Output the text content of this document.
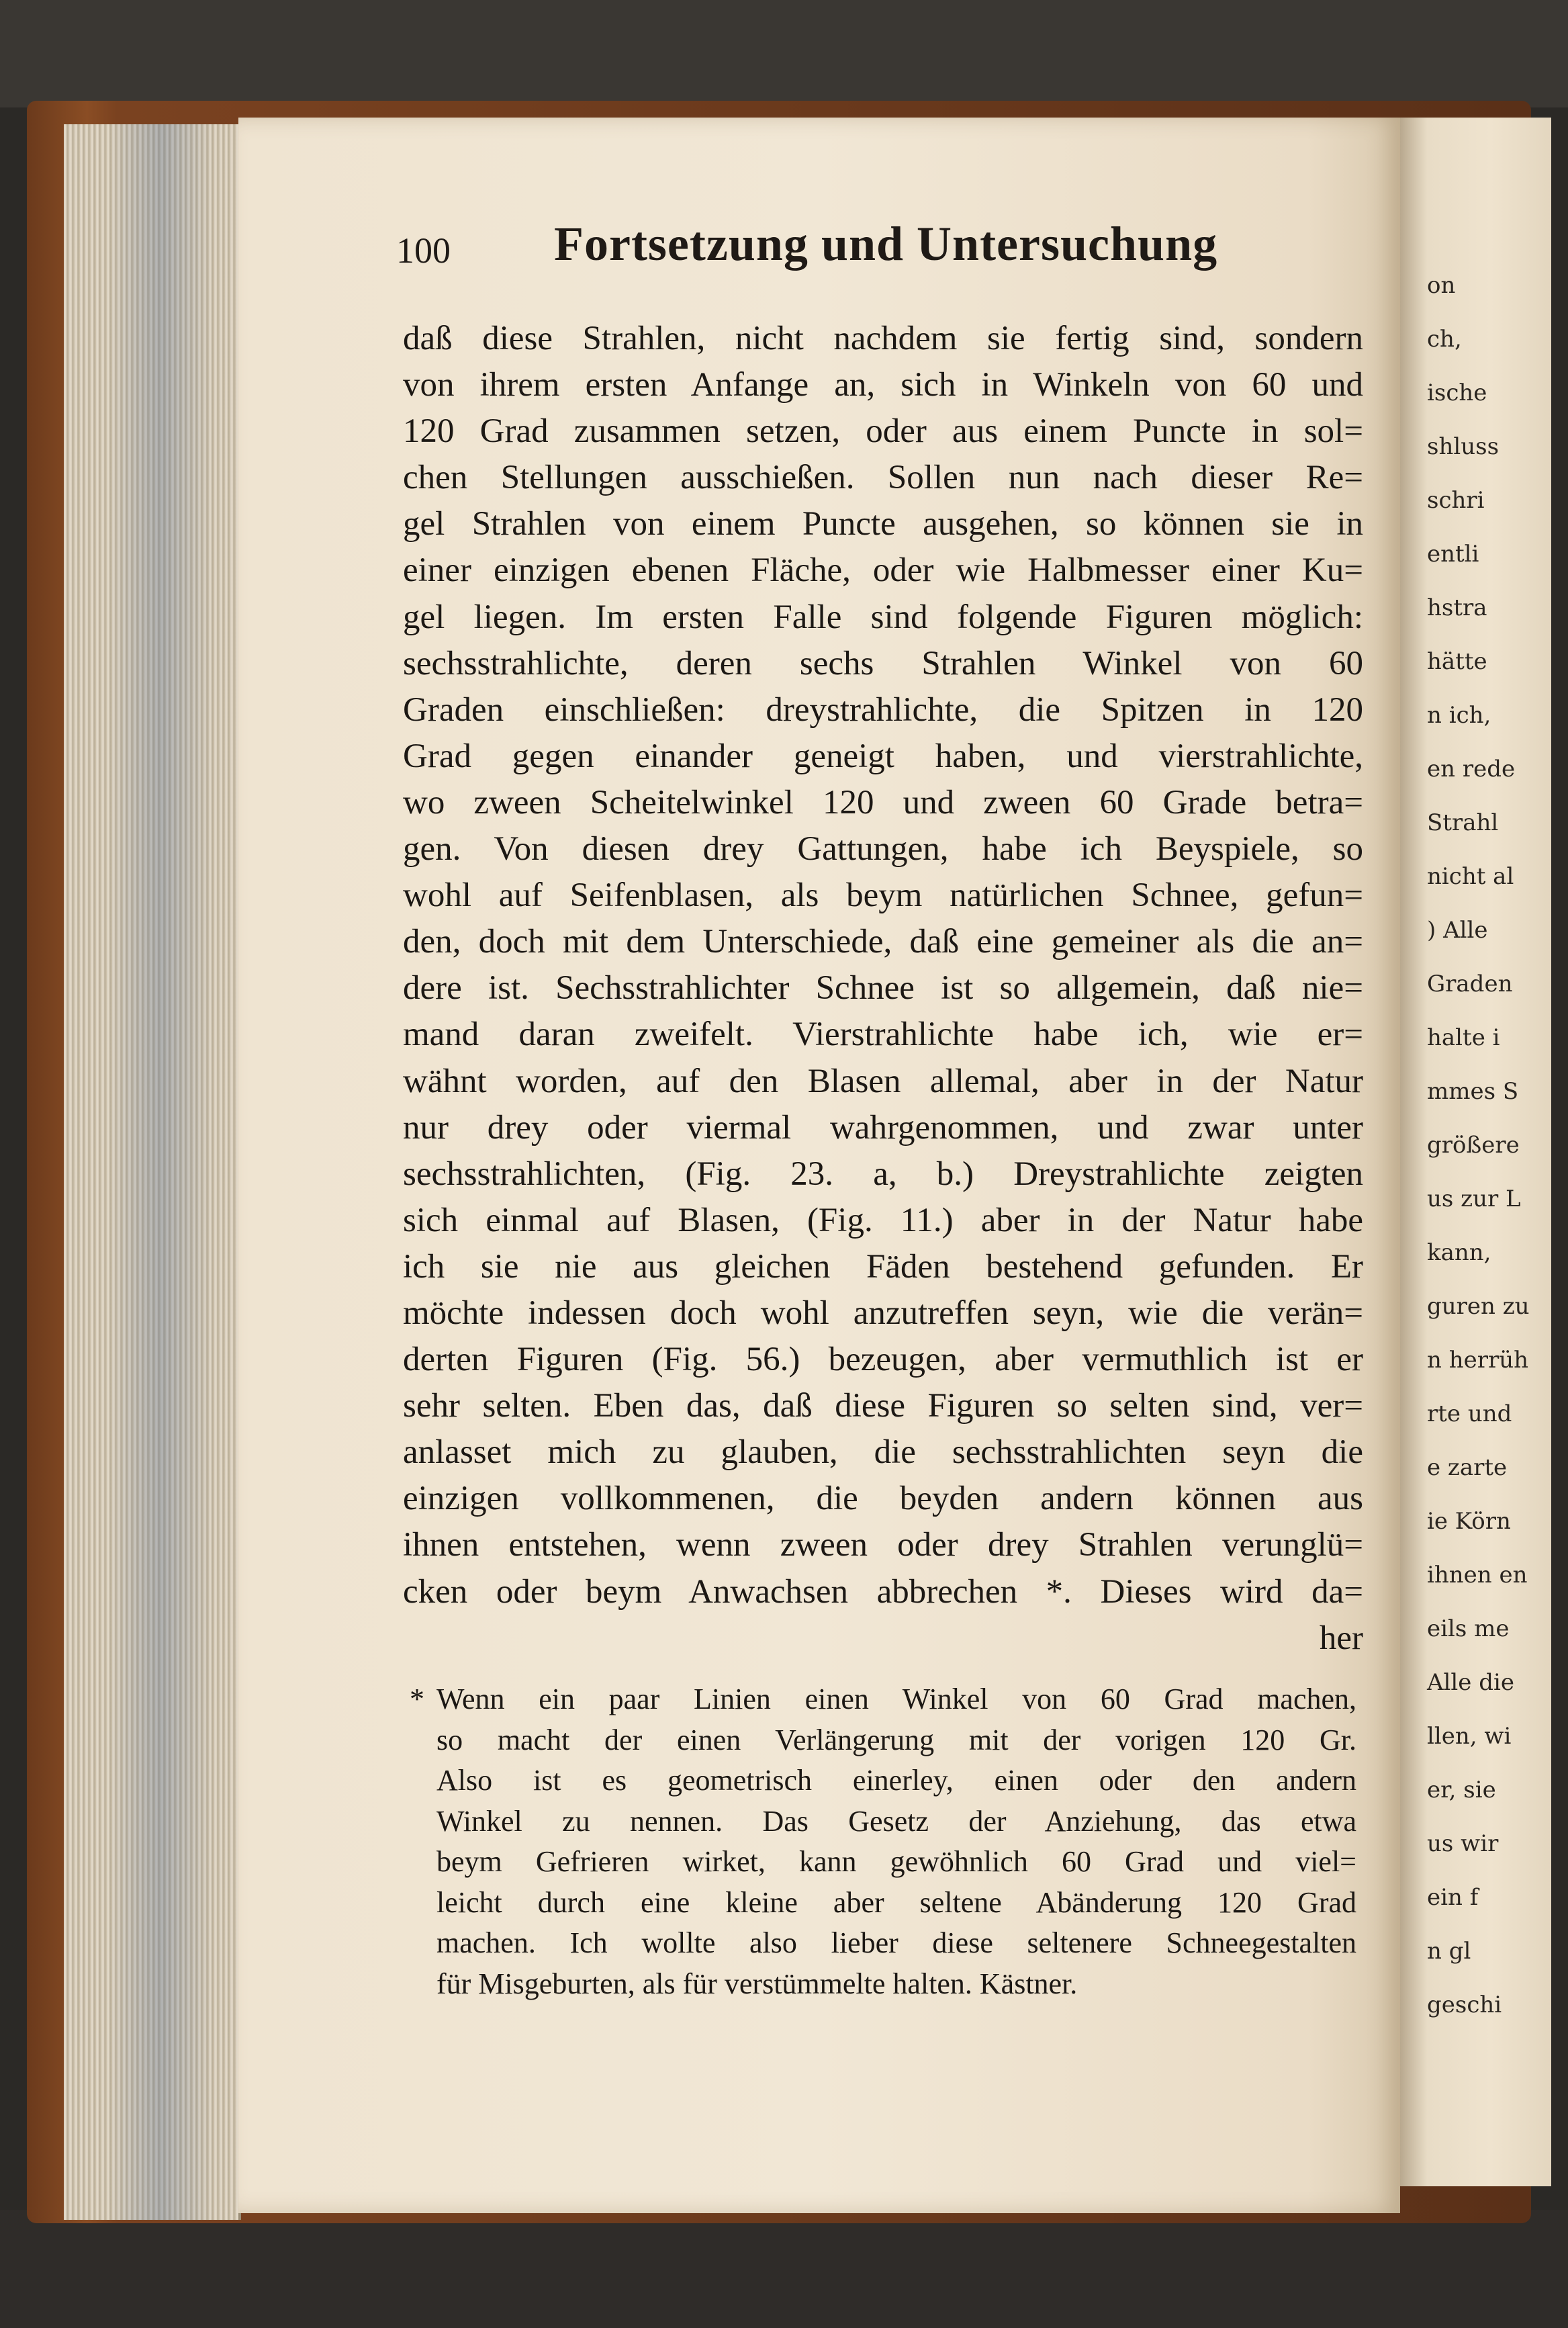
on
ch,
ische
shluss
schri
entli
hstra
hätte
n ich,
en rede
Strahl
nicht al
) Alle
Graden
halte i
mmes S
größere
us zur L
kann,
guren zu
n herrüh
rte und
e zarte
ie Körn
ihnen en
eils me
Alle die
llen, wi
er, sie
us wir
ein f
n gl
geschi
100 Fortsetzung und Untersuchung
daß diese Strahlen, nicht nachdem sie fertig sind, sondern
von ihrem ersten Anfange an, sich in Winkeln von 60 und
120 Grad zusammen setzen, oder aus einem Puncte in sol=
chen Stellungen ausschießen. Sollen nun nach dieser Re=
gel Strahlen von einem Puncte ausgehen, so können sie in
einer einzigen ebenen Fläche, oder wie Halbmesser einer Ku=
gel liegen. Im ersten Falle sind folgende Figuren möglich:
sechsstrahlichte, deren sechs Strahlen Winkel von 60
Graden einschließen: dreystrahlichte, die Spitzen in 120
Grad gegen einander geneigt haben, und vierstrahlichte,
wo zween Scheitelwinkel 120 und zween 60 Grade betra=
gen. Von diesen drey Gattungen, habe ich Beyspiele, so
wohl auf Seifenblasen, als beym natürlichen Schnee, gefun=
den, doch mit dem Unterschiede, daß eine gemeiner als die an=
dere ist. Sechsstrahlichter Schnee ist so allgemein, daß nie=
mand daran zweifelt. Vierstrahlichte habe ich, wie er=
wähnt worden, auf den Blasen allemal, aber in der Natur
nur drey oder viermal wahrgenommen, und zwar unter
sechsstrahlichten, (Fig. 23. a, b.) Dreystrahlichte zeigten
sich einmal auf Blasen, (Fig. 11.) aber in der Natur habe
ich sie nie aus gleichen Fäden bestehend gefunden. Er
möchte indessen doch wohl anzutreffen seyn, wie die verän=
derten Figuren (Fig. 56.) bezeugen, aber vermuthlich ist er
sehr selten. Eben das, daß diese Figuren so selten sind, ver=
anlasset mich zu glauben, die sechsstrahlichten seyn die
einzigen vollkommenen, die beyden andern können aus
ihnen entstehen, wenn zween oder drey Strahlen verunglü=
cken oder beym Anwachsen abbrechen *. Dieses wird da=
her
* Wenn ein paar Linien einen Winkel von 60 Grad machen,
so macht der einen Verlängerung mit der vorigen 120 Gr.
Also ist es geometrisch einerley, einen oder den andern
Winkel zu nennen. Das Gesetz der Anziehung, das etwa
beym Gefrieren wirket, kann gewöhnlich 60 Grad und viel=
leicht durch eine kleine aber seltene Abänderung 120 Grad
machen. Ich wollte also lieber diese seltenere Schneegestalten
für Misgeburten, als für verstümmelte halten. Kästner.
